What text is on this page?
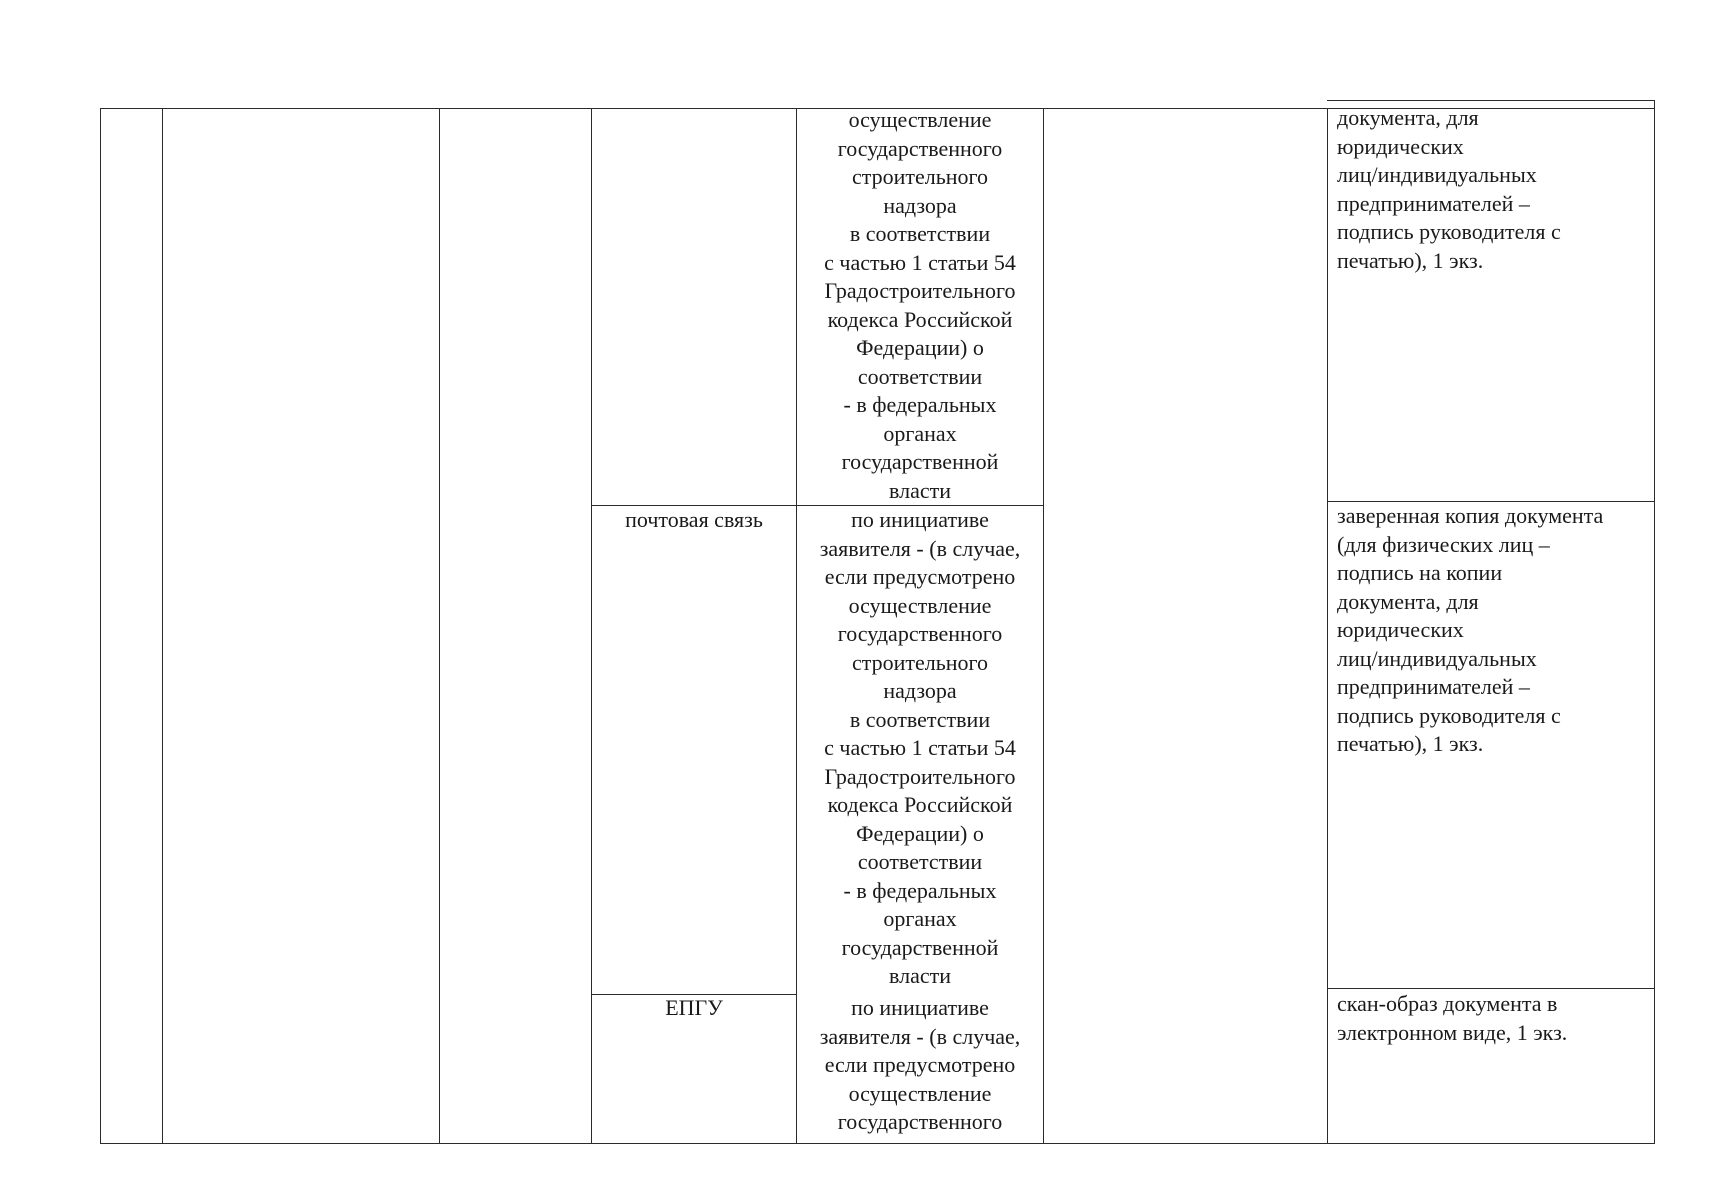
осуществление
государственного
строительного
надзора
в соответствии
с частью 1 статьи 54
Градостроительного
кодекса Российской
Федерации) о
соответствии
- в федеральных
органах
государственной
власти
документа, для
юридических
лиц/индивидуальных
предпринимателей –
подпись руководителя с
печатью), 1 экз.
почтовая связь	по инициативе
заявителя - (в случае,
если предусмотрено
осуществление
государственного
строительного
надзора
в соответствии
с частью 1 статьи 54
Градостроительного
кодекса Российской
Федерации) о
соответствии
- в федеральных
органах
государственной
власти
заверенная копия документа
(для физических лиц –
подпись на копии
документа, для
юридических
лиц/индивидуальных
предпринимателей –
подпись руководителя с
печатью), 1 экз.
ЕПГУ	по инициативе
заявителя - (в случае,
если предусмотрено
осуществление
государственного
скан-образ документа в
электронном виде, 1 экз.
